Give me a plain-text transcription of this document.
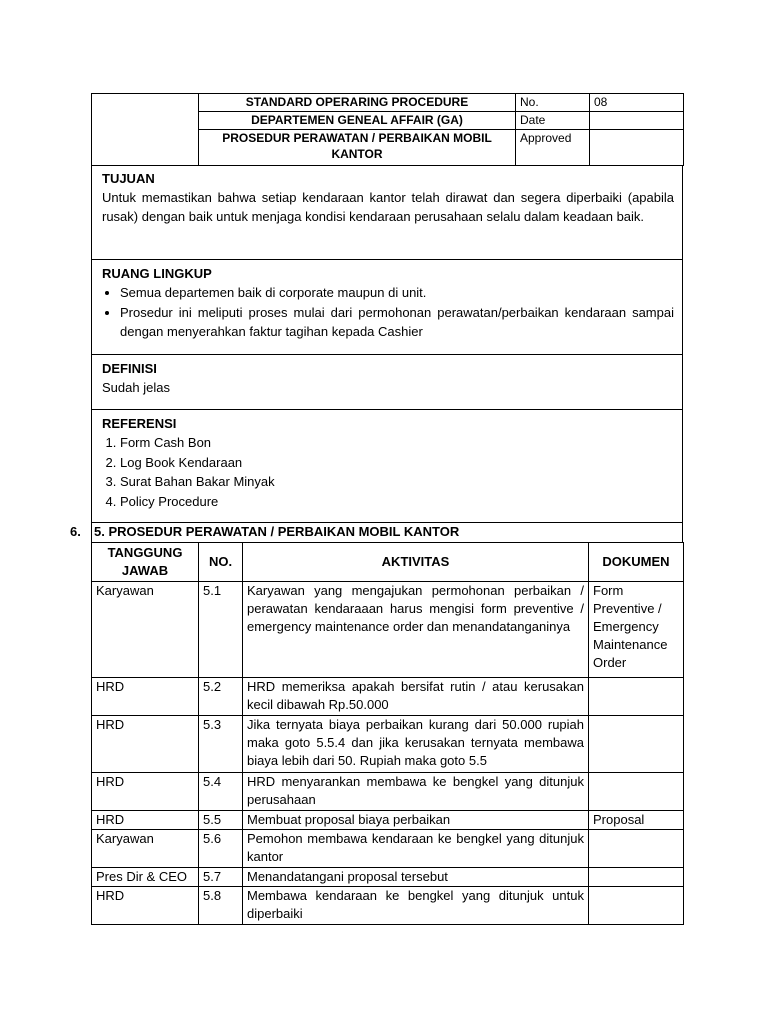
	STANDARD OPERARING PROCEDURE	No.	08
	DEPARTEMEN GENEAL AFFAIR (GA)	Date	
	PROSEDUR PERAWATAN / PERBAIKAN MOBIL KANTOR	Approved	
TUJUAN
Untuk memastikan bahwa setiap kendaraan kantor telah dirawat dan segera diperbaiki (apabila rusak) dengan baik untuk menjaga kondisi kendaraan perusahaan selalu dalam keadaan baik.
RUANG LINGKUP
• Semua departemen baik di corporate maupun di unit.
• Prosedur ini meliputi proses mulai dari permohonan perawatan/perbaikan kendaraan sampai dengan menyerahkan faktur tagihan kepada Cashier
DEFINISI
Sudah jelas
REFERENSI
1. Form Cash Bon
2. Log Book Kendaraan
3. Surat Bahan Bakar Minyak
4. Policy Procedure
6. 5. PROSEDUR PERAWATAN / PERBAIKAN MOBIL KANTOR
TANGGUNG JAWAB	NO.	AKTIVITAS	DOKUMEN
Karyawan	5.1	Karyawan yang mengajukan permohonan perbaikan / perawatan kendaraaan harus mengisi form preventive / emergency maintenance order dan menandatanganinya	Form Preventive / Emergency Maintenance Order
HRD	5.2	HRD memeriksa apakah bersifat rutin / atau kerusakan kecil dibawah Rp.50.000	
HRD	5.3	Jika ternyata biaya perbaikan kurang dari 50.000 rupiah maka goto 5.5.4 dan jika kerusakan ternyata membawa biaya lebih dari 50. Rupiah maka goto 5.5	
HRD	5.4	HRD menyarankan membawa ke bengkel yang ditunjuk perusahaan	
HRD	5.5	Membuat proposal biaya perbaikan	Proposal
Karyawan	5.6	Pemohon membawa kendaraan ke bengkel yang ditunjuk kantor	
Pres Dir & CEO	5.7	Menandatangani proposal tersebut	
HRD	5.8	Membawa kendaraan ke bengkel yang ditunjuk untuk diperbaiki	
